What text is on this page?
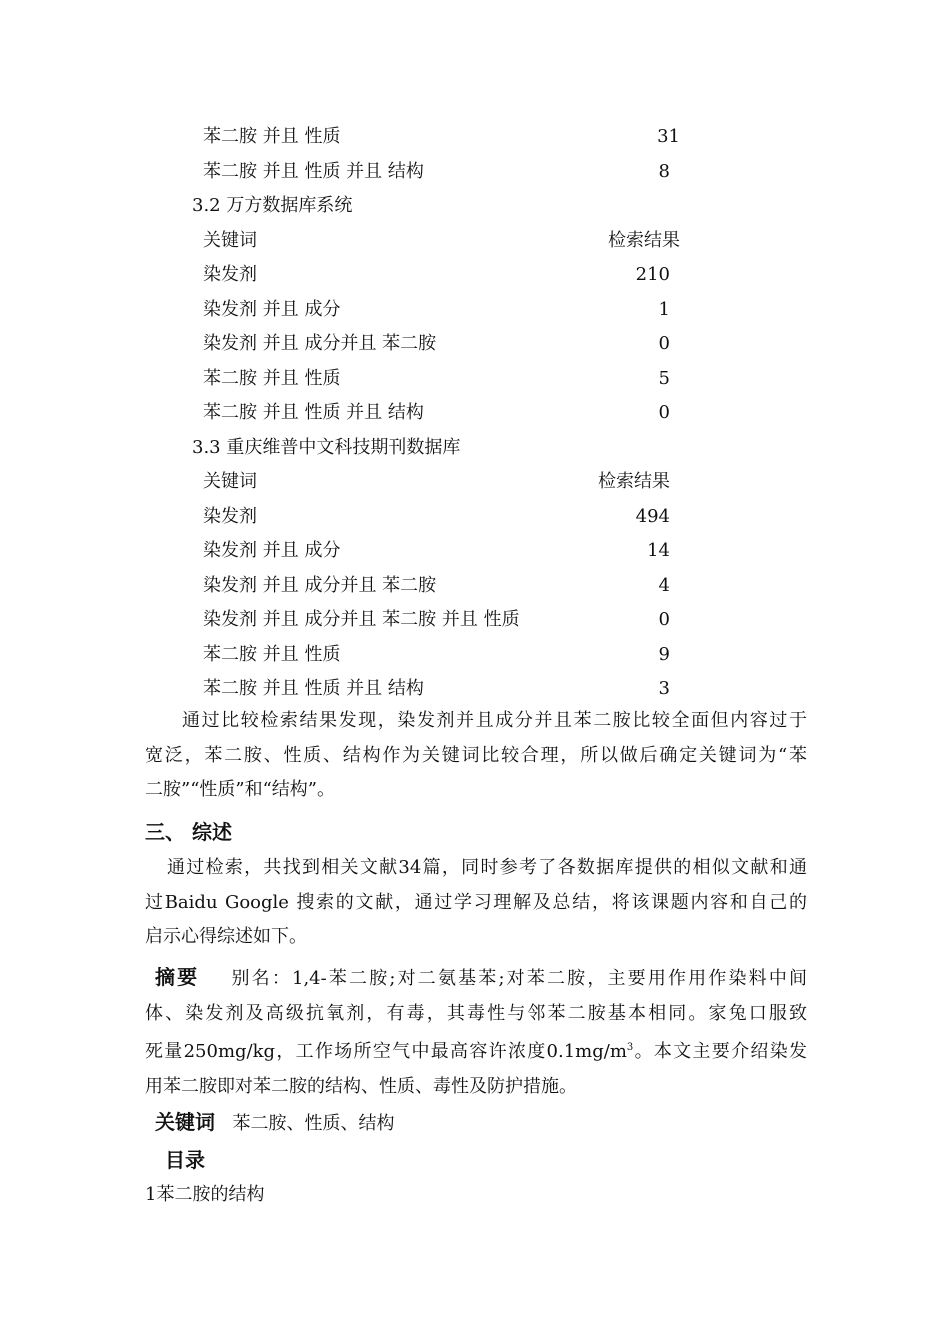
苯二胺 并且 性质	31
苯二胺 并且 性质 并且 结构	8
3.2 万方数据库系统
关键词	检索结果
染发剂	210
染发剂 并且 成分	1
染发剂 并且 成分并且 苯二胺	0
苯二胺 并且 性质	5
苯二胺 并且 性质 并且 结构	0
3.3 重庆维普中文科技期刊数据库
关键词	检索结果
染发剂	494
染发剂 并且 成分	14
染发剂 并且 成分并且 苯二胺	4
染发剂 并且 成分并且 苯二胺 并且 性质	0
苯二胺 并且 性质	9
苯二胺 并且 性质 并且 结构	3
通过比较检索结果发现，染发剂并且成分并且苯二胺比较全面但内容过于
宽泛，苯二胺、性质、结构作为关键词比较合理，所以做后确定关键词为“苯
二胺”“性质”和“结构”。
三、 综述
通过检索，共找到相关文献34篇，同时参考了各数据库提供的相似文献和通
过Baidu Google 搜索的文献，通过学习理解及总结，将该课题内容和自己的
启示心得综述如下。
摘要 别名：1,4-苯二胺;对二氨基苯;对苯二胺，主要用作用作染料中间
体、染发剂及高级抗氧剂，有毒，其毒性与邻苯二胺基本相同。家兔口服致
死量250mg/kg，工作场所空气中最高容许浓度$0.1mg/m^3$。本文主要介绍染发
用苯二胺即对苯二胺的结构、性质、毒性及防护措施。
关键词 苯二胺、性质、结构
目录
1苯二胺的结构
